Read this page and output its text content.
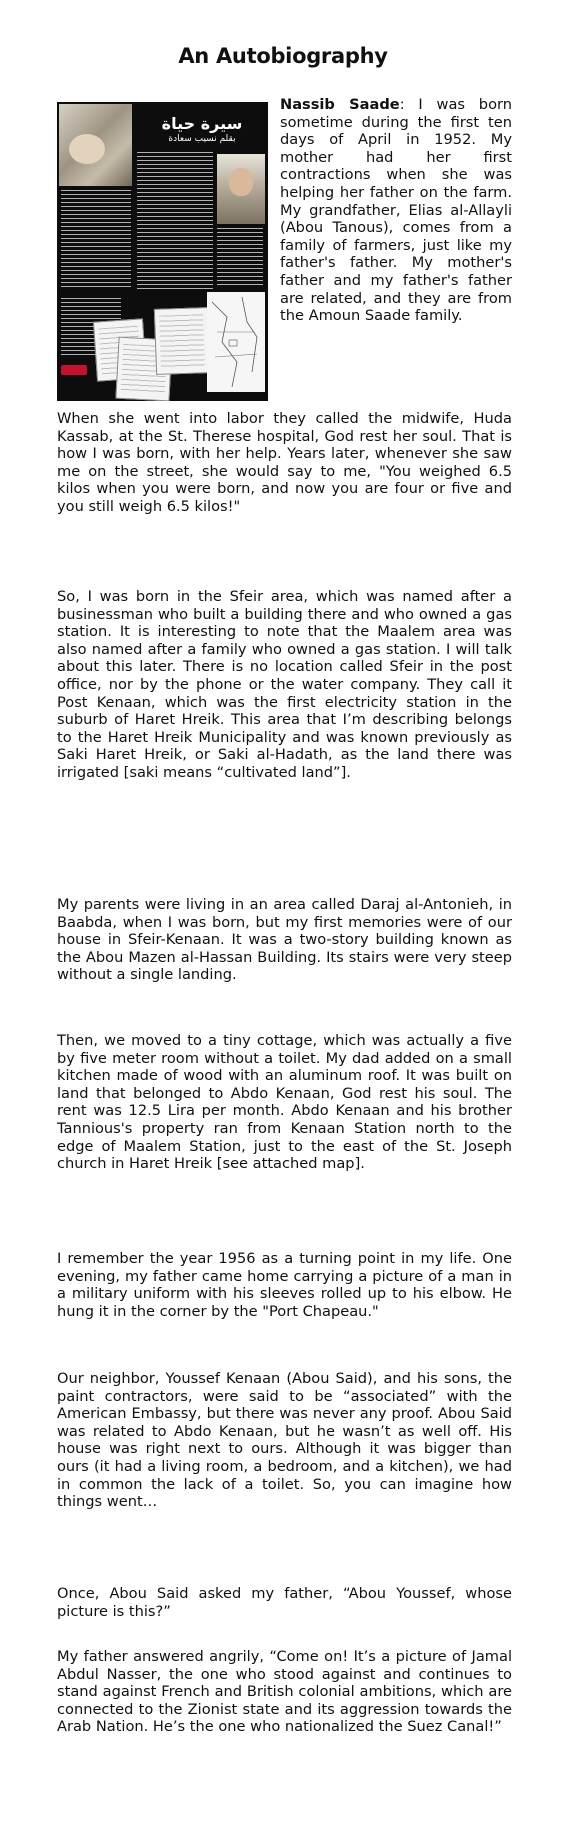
An Autobiography
سيرة حياة
بقلم نسيب سعادة

Nassib Saade: I was born sometime during the first ten days of April in 1952. My mother had her first contractions when she was helping her father on the farm. My grandfather, Elias al-Allayli (Abou Tanous), comes from a family of farmers, just like my father's father. My mother's father and my father's father are related, and they are from the Amoun Saade family.

When she went into labor they called the midwife, Huda Kassab, at the St. Therese hospital, God rest her soul. That is how I was born, with her help. Years later, whenever she saw me on the street, she would say to me, "You weighed 6.5 kilos when you were born, and now you are four or five and you still weigh 6.5 kilos!"

So, I was born in the Sfeir area, which was named after a businessman who built a building there and who owned a gas station. It is interesting to note that the Maalem area was also named after a family who owned a gas station. I will talk about this later. There is no location called Sfeir in the post office, nor by the phone or the water company. They call it Post Kenaan, which was the first electricity station in the suburb of Haret Hreik. This area that I’m describing belongs to the Haret Hreik Municipality and was known previously as Saki Haret Hreik, or Saki al-Hadath, as the land there was irrigated [saki means “cultivated land”].

My parents were living in an area called Daraj al-Antonieh, in Baabda, when I was born, but my first memories were of our house in Sfeir-Kenaan. It was a two-story building known as the Abou Mazen al-Hassan Building. Its stairs were very steep without a single landing.

Then, we moved to a tiny cottage, which was actually a five by five meter room without a toilet. My dad added on a small kitchen made of wood with an aluminum roof. It was built on land that belonged to Abdo Kenaan, God rest his soul. The rent was 12.5 Lira per month. Abdo Kenaan and his brother Tannious's property ran from Kenaan Station north to the edge of Maalem Station, just to the east of the St. Joseph church in Haret Hreik [see attached map].

I remember the year 1956 as a turning point in my life. One evening, my father came home carrying a picture of a man in a military uniform with his sleeves rolled up to his elbow. He hung it in the corner by the "Port Chapeau."

Our neighbor, Youssef Kenaan (Abou Said), and his sons, the paint contractors, were said to be “associated” with the American Embassy, but there was never any proof. Abou Said was related to Abdo Kenaan, but he wasn’t as well off. His house was right next to ours. Although it was bigger than ours (it had a living room, a bedroom, and a kitchen), we had in common the lack of a toilet. So, you can imagine how things went…

Once, Abou Said asked my father, “Abou Youssef, whose picture is this?”

My father answered angrily, “Come on! It’s a picture of Jamal Abdul Nasser, the one who stood against and continues to stand against French and British colonial ambitions, which are connected to the Zionist state and its aggression towards the Arab Nation. He’s the one who nationalized the Suez Canal!”
